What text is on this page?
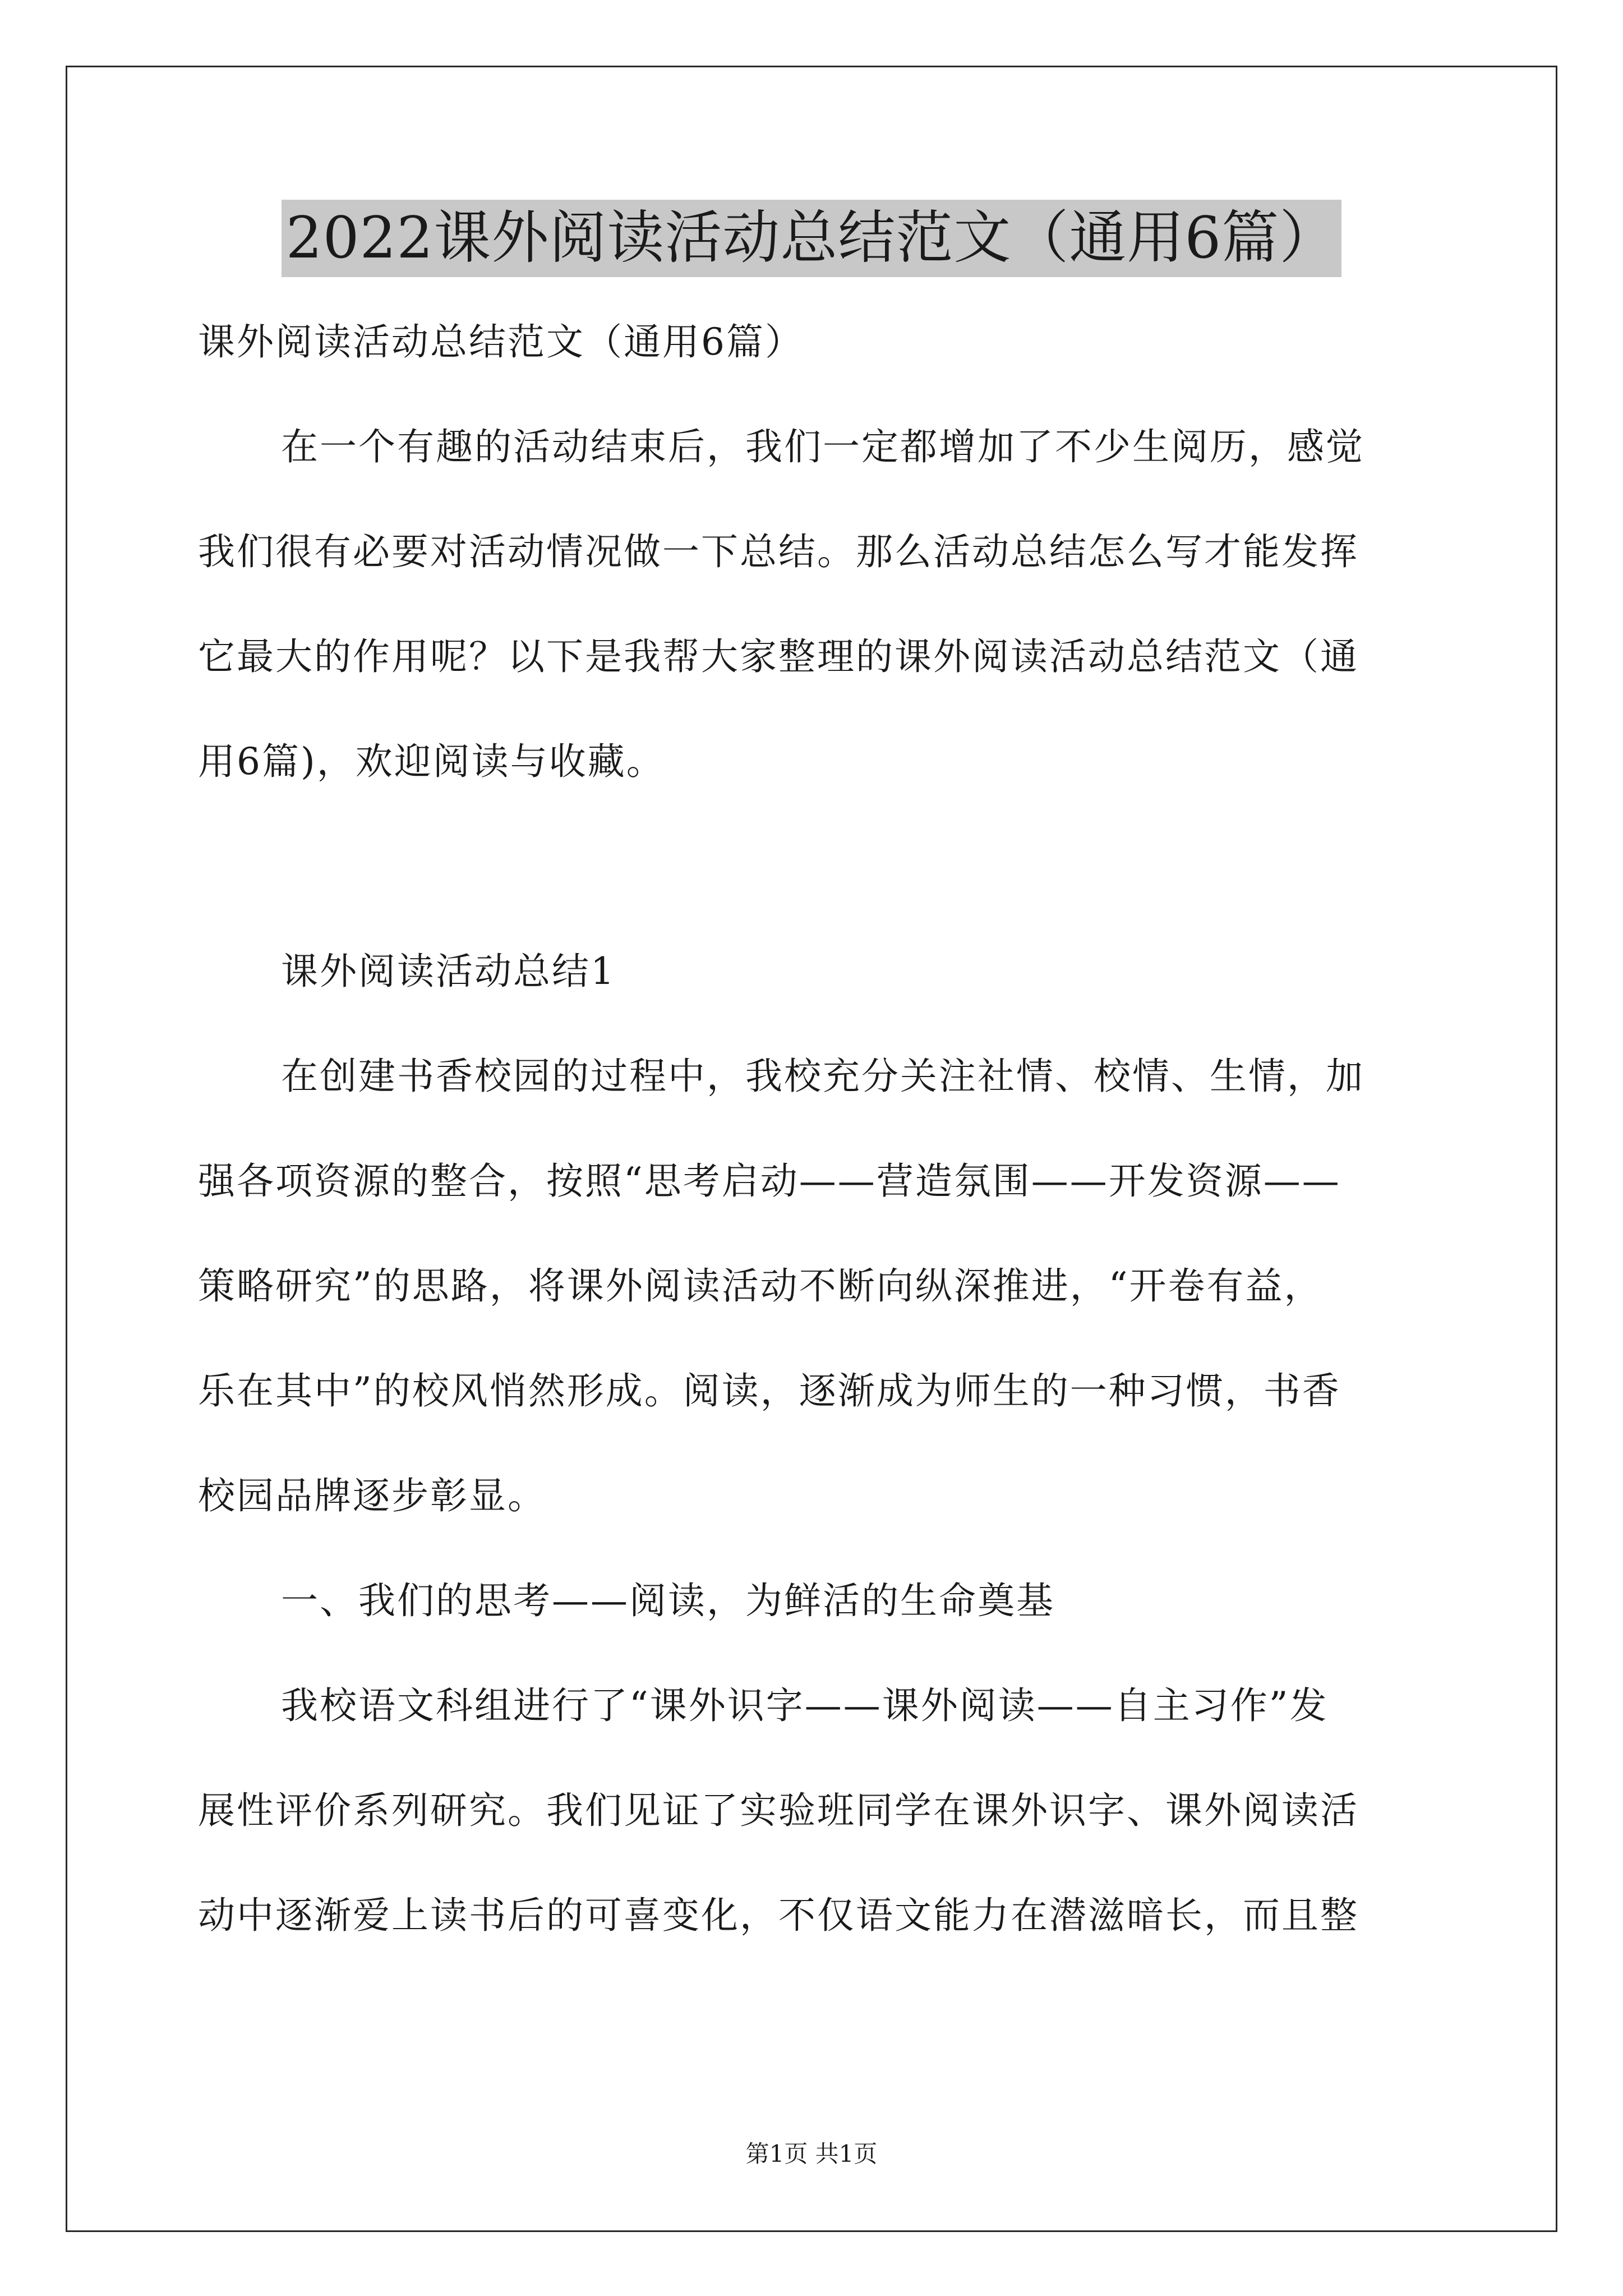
2022课外阅读活动总结范文（通用6篇）
课外阅读活动总结范文（通用6篇）
在一个有趣的活动结束后，我们一定都增加了不少生阅历，感觉
我们很有必要对活动情况做一下总结。那么活动总结怎么写才能发挥
它最大的作用呢？以下是我帮大家整理的课外阅读活动总结范文（通
用6篇)，欢迎阅读与收藏。
课外阅读活动总结1
在创建书香校园的过程中，我校充分关注社情、校情、生情，加
强各项资源的整合，按照“思考启动——营造氛围——开发资源——
策略研究”的思路，将课外阅读活动不断向纵深推进，“开卷有益，
乐在其中”的校风悄然形成。阅读，逐渐成为师生的一种习惯，书香
校园品牌逐步彰显。
一、我们的思考——阅读，为鲜活的生命奠基
我校语文科组进行了“课外识字——课外阅读——自主习作”发
展性评价系列研究。我们见证了实验班同学在课外识字、课外阅读活
动中逐渐爱上读书后的可喜变化，不仅语文能力在潜滋暗长，而且整
第1页 共1页
